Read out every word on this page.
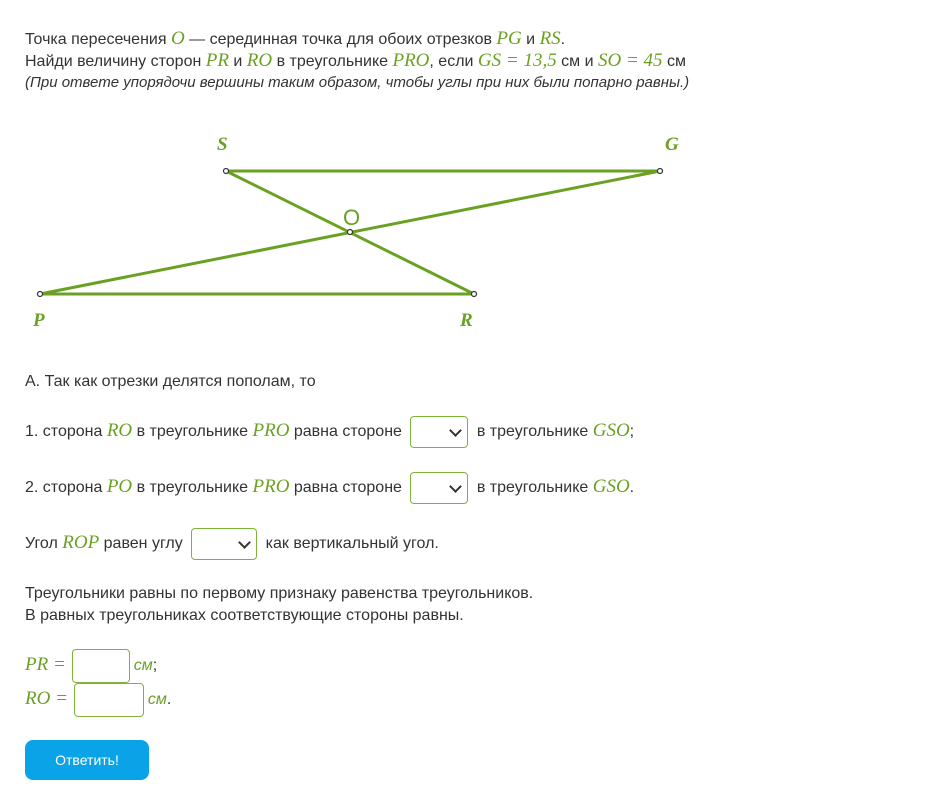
Точка пересечения O — серединная точка для обоих отрезков PG и RS.
Найди величину сторон PR и RO в треугольнике PRO, если GS = 13,5 см и SO = 45 см
(При ответе упорядочи вершины таким образом, чтобы углы при них были попарно равны.)
S	G
P	R
O
А. Так как отрезки делятся пополам, то
1. сторона RO в треугольнике PRO равна стороне	в треугольнике GSO;
2. сторона PO в треугольнике PRO равна стороне	в треугольнике GSO.
Угол ROP равен углу	как вертикальный угол.
Треугольники равны по первому признаку равенства треугольников.
В равных треугольниках соответствующие стороны равны.
PR =	см;
RO =	см.
Ответить!
